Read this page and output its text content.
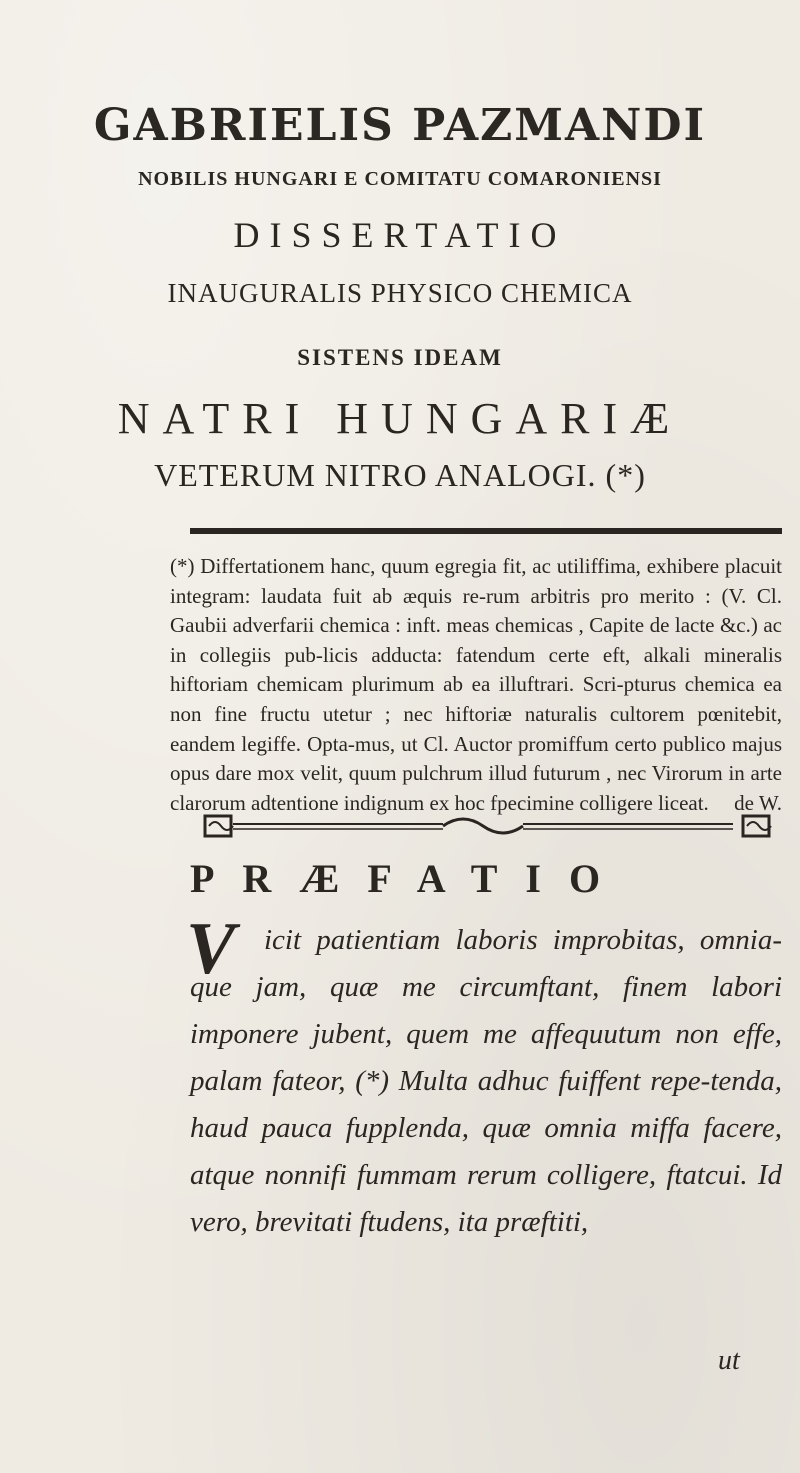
GABRIELIS PAZMANDI
NOBILIS HUNGARI E COMITATU COMARONIENSI
DISSERTATIO
INAUGURALIS PHYSICO CHEMICA
SISTENS IDEAM
NATRI HUNGARIÆ
VETERUM NITRO ANALOGI. (*)

(*) Differtationem hanc, quum egregia fit, ac utiliffima, exhibere placuit integram: laudata fuit ab æquis re-rum arbitris pro merito : (V. Cl. Gaubii adverfarii chemica : inft. meas chemicas , Capite de lacte &c.) ac in collegiis pub-licis adducta: fatendum certe eft, alkali mineralis hiftoriam chemicam plurimum ab ea illuftrari. Scri-pturus chemica ea non fine fructu utetur ; nec hiftoriæ naturalis cultorem pœnitebit, eandem legiffe. Opta-mus, ut Cl. Auctor promiffum certo publico majus opus dare mox velit, quum pulchrum illud futurum , nec Virorum in arte clarorum adtentione indignum ex hoc fpecimine colligere liceat.	de W.
PRÆFATIO
V icit patientiam laboris improbitas, omnia-que jam, quæ me circumftant, finem labori imponere jubent, quem me affequutum non effe, palam fateor, (*) Multa adhuc fuiffent repe-tenda, haud pauca fupplenda, quæ omnia miffa facere, atque nonnifi fummam rerum colligere, ftatcui. Id vero, brevitati ftudens, ita præftiti,

ut
